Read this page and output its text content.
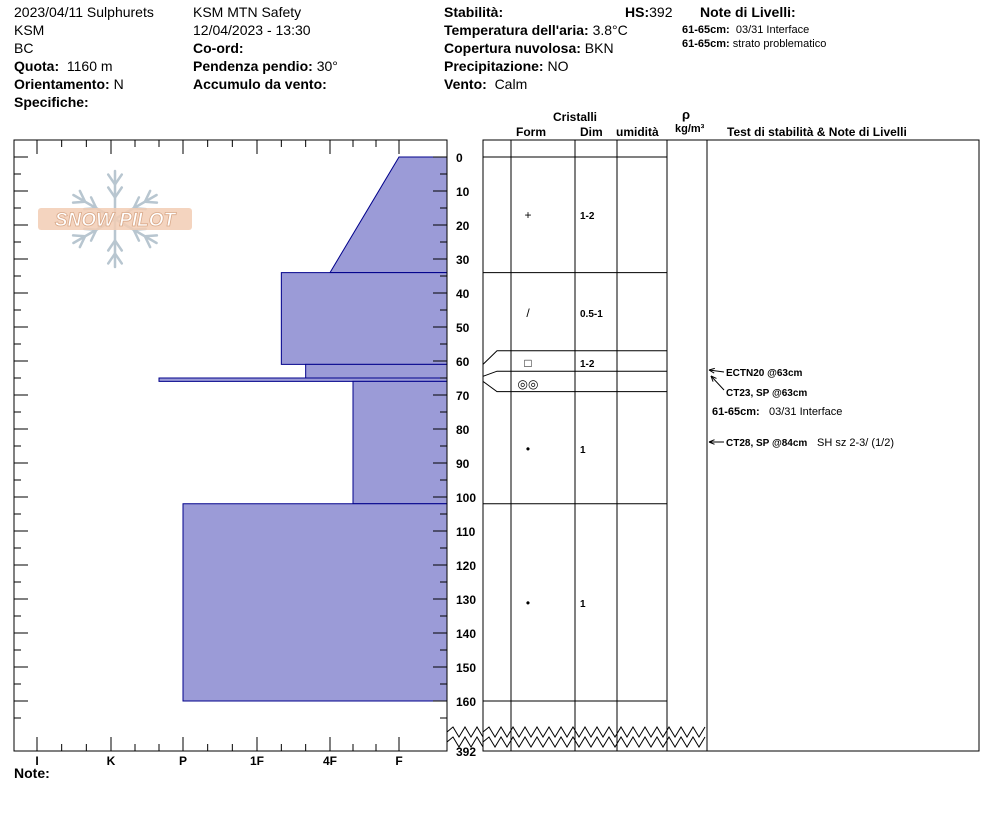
2023/04/11 Sulphurets
KSM
BC
Quota: 1160 m
Orientamento: N
Specifiche:
KSM MTN Safety
12/04/2023 - 13:30
Co-ord:
Pendenza pendio: 30°
Accumulo da vento:
Stabilità:	HS:392
Temperatura dell'aria: 3.8°C
Copertura nuvolosa: BKN
Precipitazione: NO
Vento: Calm
Note di Livelli:
61-65cm: 03/31 Interface
61-65cm: strato problematico
Cristalli
Form	Dim umidità
ρ
kg/m³ Test di stabilità & Note di Livelli
SNOW PILOT
0
10
20
30
40
50
60
70
80
90
100
110
120
130
140
150
160
I	K	P	1F	4F	F
+	1-2
/	0.5-1
□	1-2
◎◎
•	1
•	1
ECTN20 @63cm
CT23, SP @63cm
61-65cm: 03/31 Interface
CT28, SP @84cm SH sz 2-3/ (1/2)
392
Note:
